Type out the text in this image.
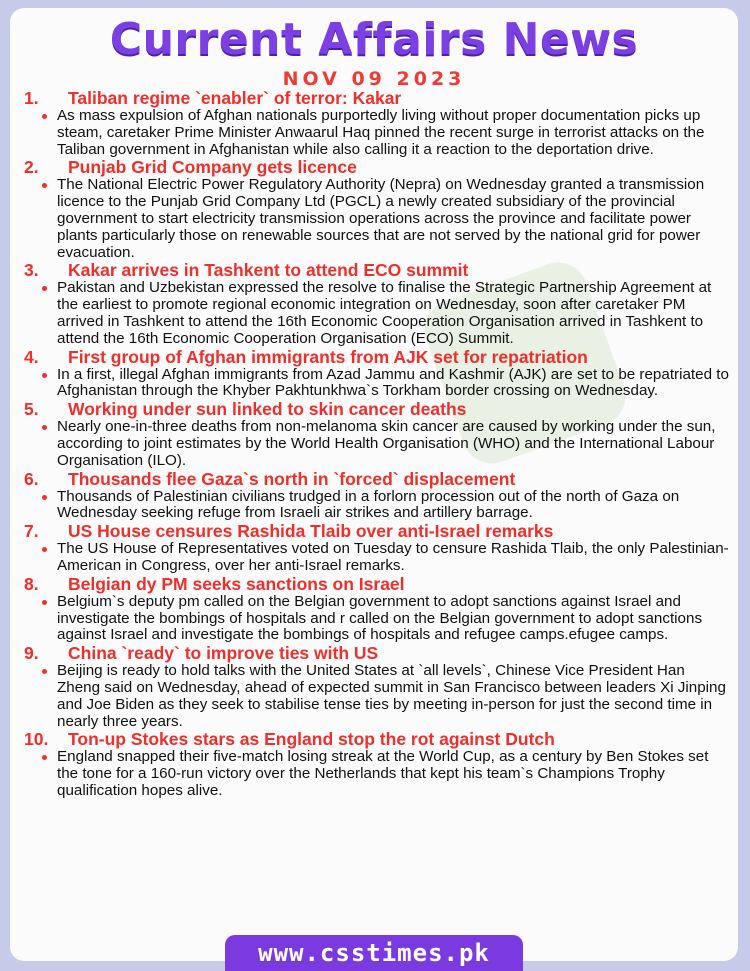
Current Affairs News
NOV 09 2023
1.	Taliban regime `enabler` of terror: Kakar
As mass expulsion of Afghan nationals purportedly living without proper documentation picks up steam, caretaker Prime Minister Anwaarul Haq pinned the recent surge in terrorist attacks on the Taliban government in Afghanistan while also calling it a reaction to the deportation drive.
2.	Punjab Grid Company gets licence
The National Electric Power Regulatory Authority (Nepra) on Wednesday granted a transmission licence to the Punjab Grid Company Ltd (PGCL) a newly created subsidiary of the provincial government to start electricity transmission operations across the province and facilitate power plants particularly those on renewable sources that are not served by the national grid for power evacuation.
3.	Kakar arrives in Tashkent to attend ECO summit
Pakistan and Uzbekistan expressed the resolve to finalise the Strategic Partnership Agreement at the earliest to promote regional economic integration on Wednesday, soon after caretaker PM arrived in Tashkent to attend the 16th Economic Cooperation Organisation arrived in Tashkent to attend the 16th Economic Cooperation Organisation (ECO) Summit.
4.	First group of Afghan immigrants from AJK set for repatriation
In a first, illegal Afghan immigrants from Azad Jammu and Kashmir (AJK) are set to be repatriated to Afghanistan through the Khyber Pakhtunkhwa`s Torkham border crossing on Wednesday.
5.	Working under sun linked to skin cancer deaths
Nearly one-in-three deaths from non-melanoma skin cancer are caused by working under the sun, according to joint estimates by the World Health Organisation (WHO) and the International Labour Organisation (ILO).
6.	Thousands flee Gaza`s north in `forced` displacement
Thousands of Palestinian civilians trudged in a forlorn procession out of the north of Gaza on Wednesday seeking refuge from Israeli air strikes and artillery barrage.
7.	US House censures Rashida Tlaib over anti-Israel remarks
The US House of Representatives voted on Tuesday to censure Rashida Tlaib, the only Palestinian-American in Congress, over her anti-Israel remarks.
8.	Belgian dy PM seeks sanctions on Israel
Belgium`s deputy pm called on the Belgian government to adopt sanctions against Israel and investigate the bombings of hospitals and r called on the Belgian government to adopt sanctions against Israel and investigate the bombings of hospitals and refugee camps.efugee camps.
9.	China `ready` to improve ties with US
Beijing is ready to hold talks with the United States at `all levels`, Chinese Vice President Han Zheng said on Wednesday, ahead of expected summit in San Francisco between leaders Xi Jinping and Joe Biden as they seek to stabilise tense ties by meeting in-person for just the second time in nearly three years.
10.	Ton-up Stokes stars as England stop the rot against Dutch
England snapped their five-match losing streak at the World Cup, as a century by Ben Stokes set the tone for a 160-run victory over the Netherlands that kept his team`s Champions Trophy qualification hopes alive.
www.csstimes.pk
